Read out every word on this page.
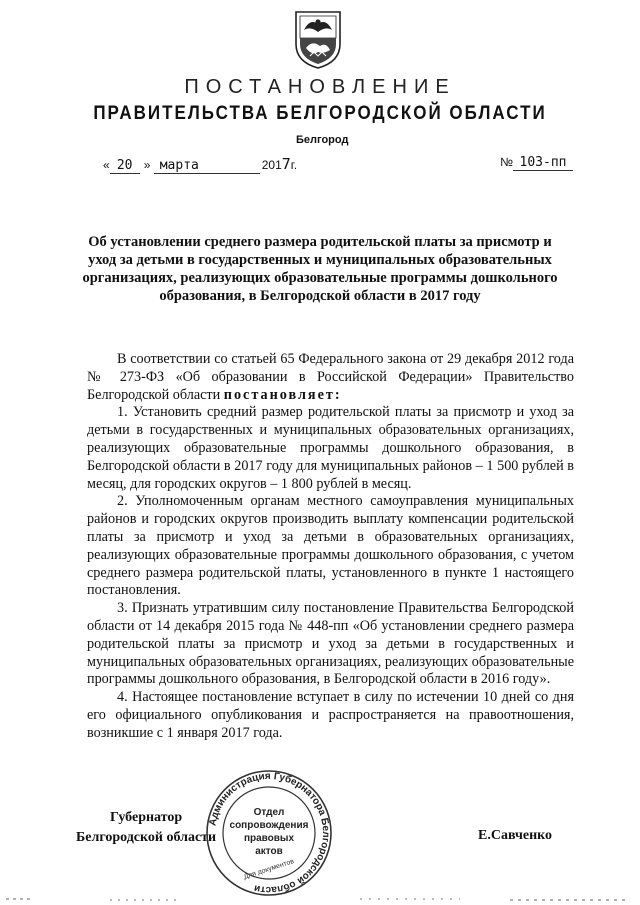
ПОСТАНОВЛЕНИЕ
ПРАВИТЕЛЬСТВА БЕЛГОРОДСКОЙ ОБЛАСТИ
Белгород
« 20 » марта	2017г.	№ 103-пп
Об установлении среднего размера родительской платы за присмотр и уход за детьми в государственных и муниципальных образовательных организациях, реализующих образовательные программы дошкольного образования, в Белгородской области в 2017 году

В соответствии со статьей 65 Федерального закона от 29 декабря 2012 года № 273-ФЗ «Об образовании в Российской Федерации» Правительство Белгородской области постановляет:

1. Установить средний размер родительской платы за присмотр и уход за детьми в государственных и муниципальных образовательных организациях, реализующих образовательные программы дошкольного образования, в Белгородской области в 2017 году для муниципальных районов – 1 500 рублей в месяц, для городских округов – 1 800 рублей в месяц.

2. Уполномоченным органам местного самоуправления муниципальных районов и городских округов производить выплату компенсации родительской платы за присмотр и уход за детьми в образовательных организациях, реализующих образовательные программы дошкольного образования, с учетом среднего размера родительской платы, установленного в пункте 1 настоящего постановления.

3. Признать утратившим силу постановление Правительства Белгородской области от 14 декабря 2015 года № 448-пп «Об установлении среднего размера родительской платы за присмотр и уход за детьми в государственных и муниципальных образовательных организациях, реализующих образовательные программы дошкольного образования, в Белгородской области в 2016 году».

4. Настоящее постановление вступает в силу по истечении 10 дней со дня его официального опубликования и распространяется на правоотношения, возникшие с 1 января 2017 года.

Губернатор
Белгородской области	Е.Савченко
Администрация Губернатора Белгородской области
Отдел
сопровождения
правовых
актов
Для документов
